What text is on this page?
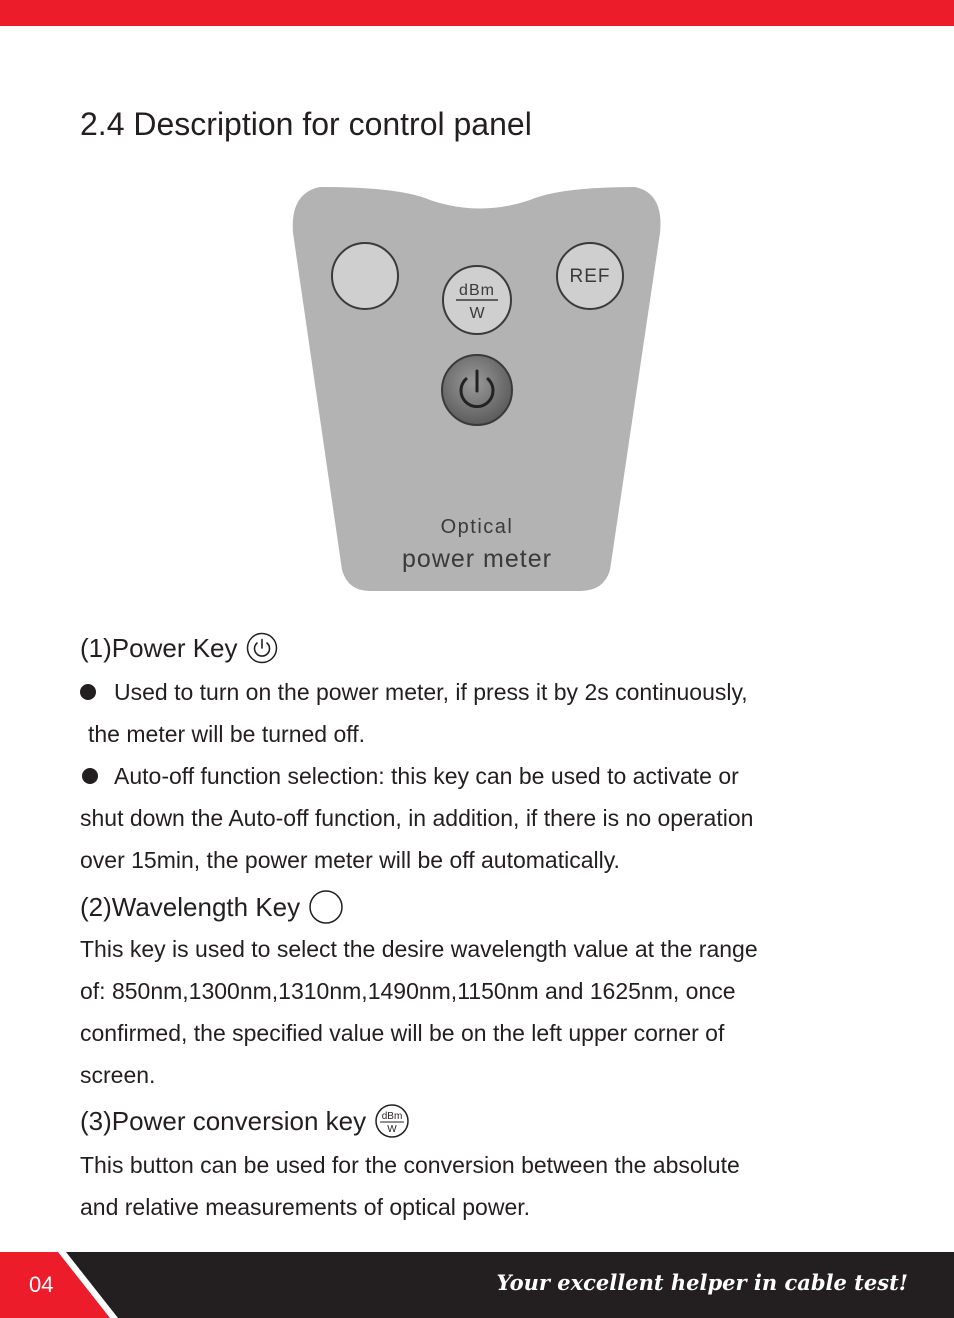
2.4 Description for control panel
REF
dBm
W
Optical
power meter
(1)Power Key

Used to turn on the power meter, if press it by 2s continuously,
the meter will be turned off.

Auto-off function selection: this key can be used to activate or
shut down the Auto-off function, in addition, if there is no operation
over 15min, the power meter will be off automatically.

(2)Wavelength Key

This key is used to select the desire wavelength value at the range
of: 850nm,1300nm,1310nm,1490nm,1150nm and 1625nm, once
confirmed, the specified value will be on the left upper corner of
screen.

(3)Power conversion key dBm
W

This button can be used for the conversion between the absolute
and relative measurements of optical power.

04	Your excellent helper in cable test!
